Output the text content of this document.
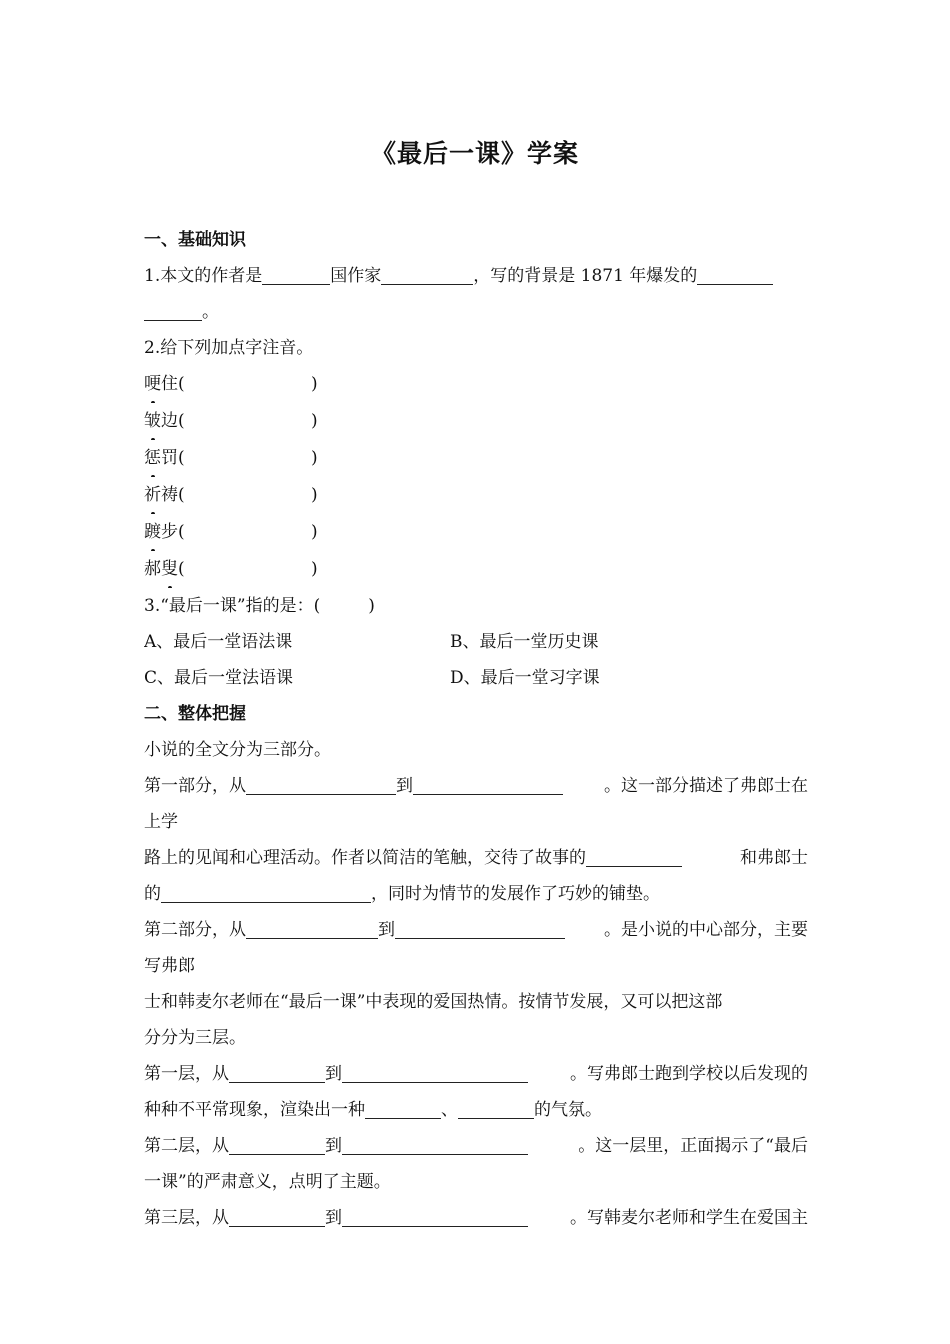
《最后一课》学案
一、基础知识
1.本文的作者是	国作家	，写的背景是 1871 年爆发的
。
2.给下列加点字注音。
哽住(	)
皱边(	)
惩罚(	)
祈祷(	)
踱步(	)
郝叟(	)
3.“最后一课”指的是：(	)
A、最后一堂语法课	B、最后一堂历史课
C、最后一堂法语课	D、最后一堂习字课
二、整体把握
小说的全文分为三部分。
第一部分，从	到	。这一部分描述了弗郎士在
上学
路上的见闻和心理活动。作者以简洁的笔触，交待了故事的	和弗郎士
的	，同时为情节的发展作了巧妙的铺垫。
第二部分，从	到	。是小说的中心部分，主要
写弗郎
士和韩麦尔老师在“最后一课”中表现的爱国热情。按情节发展，又可以把这部
分分为三层。
第一层，从	到	。写弗郎士跑到学校以后发现的
种种不平常现象，渲染出一种	、	的气氛。
第二层，从	到	。这一层里，正面揭示了“最后
一课”的严肃意义，点明了主题。
第三层，从	到	。写韩麦尔老师和学生在爱国主
